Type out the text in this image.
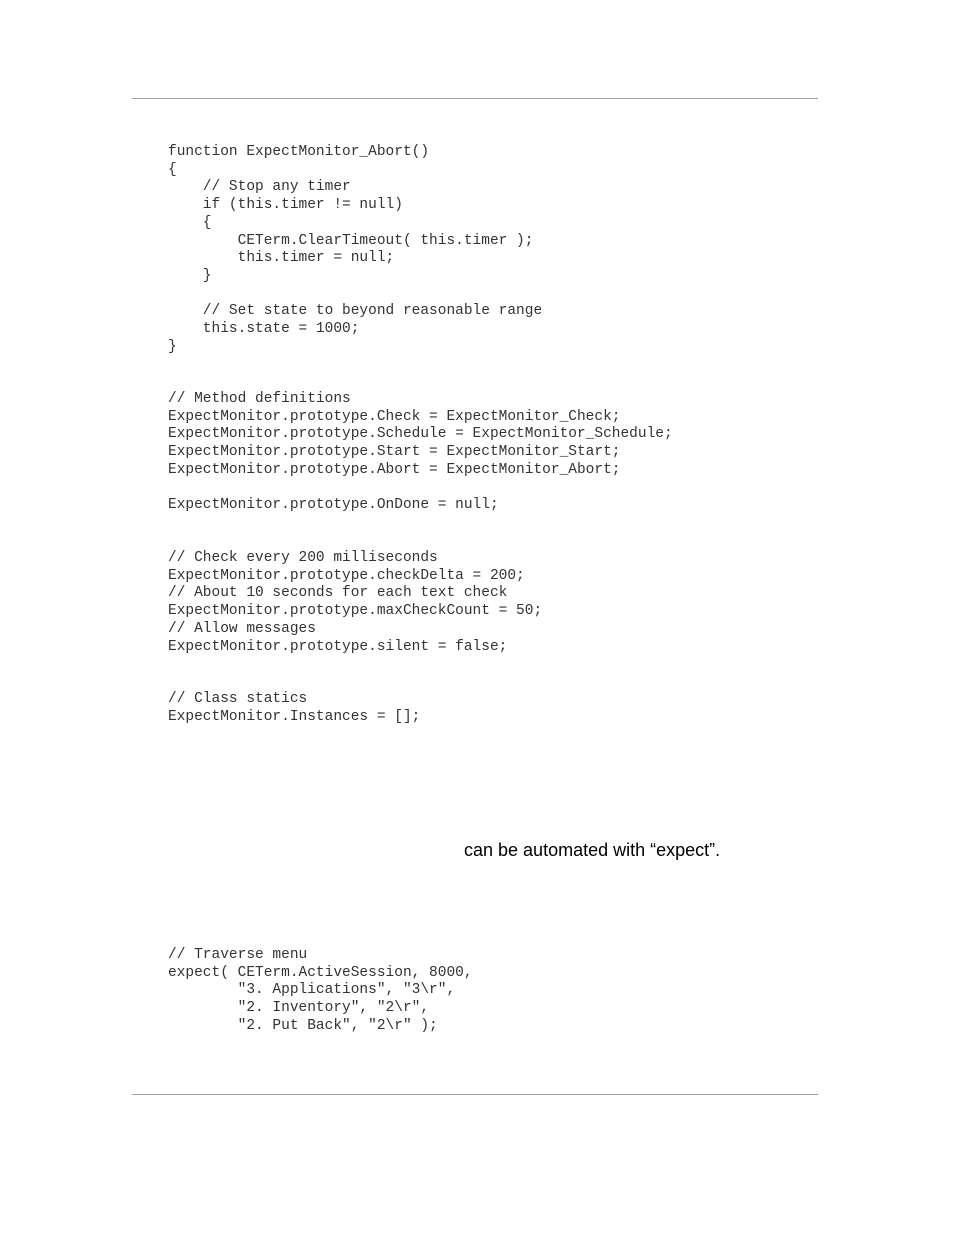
function ExpectMonitor_Abort()
{
// Stop any timer
if (this.timer != null)
{
CETerm.ClearTimeout( this.timer );
this.timer = null;
}
// Set state to beyond reasonable range
this.state = 1000;
}
// Method definitions
ExpectMonitor.prototype.Check = ExpectMonitor_Check;
ExpectMonitor.prototype.Schedule = ExpectMonitor_Schedule;
ExpectMonitor.prototype.Start = ExpectMonitor_Start;
ExpectMonitor.prototype.Abort = ExpectMonitor_Abort;
ExpectMonitor.prototype.OnDone = null;
// Check every 200 milliseconds
ExpectMonitor.prototype.checkDelta = 200;
// About 10 seconds for each text check
ExpectMonitor.prototype.maxCheckCount = 50;
// Allow messages
ExpectMonitor.prototype.silent = false;
// Class statics
ExpectMonitor.Instances = [];
can be automated with “expect”.
// Traverse menu
expect( CETerm.ActiveSession, 8000,
"3. Applications", "3\r",
"2. Inventory", "2\r",
"2. Put Back", "2\r" );
